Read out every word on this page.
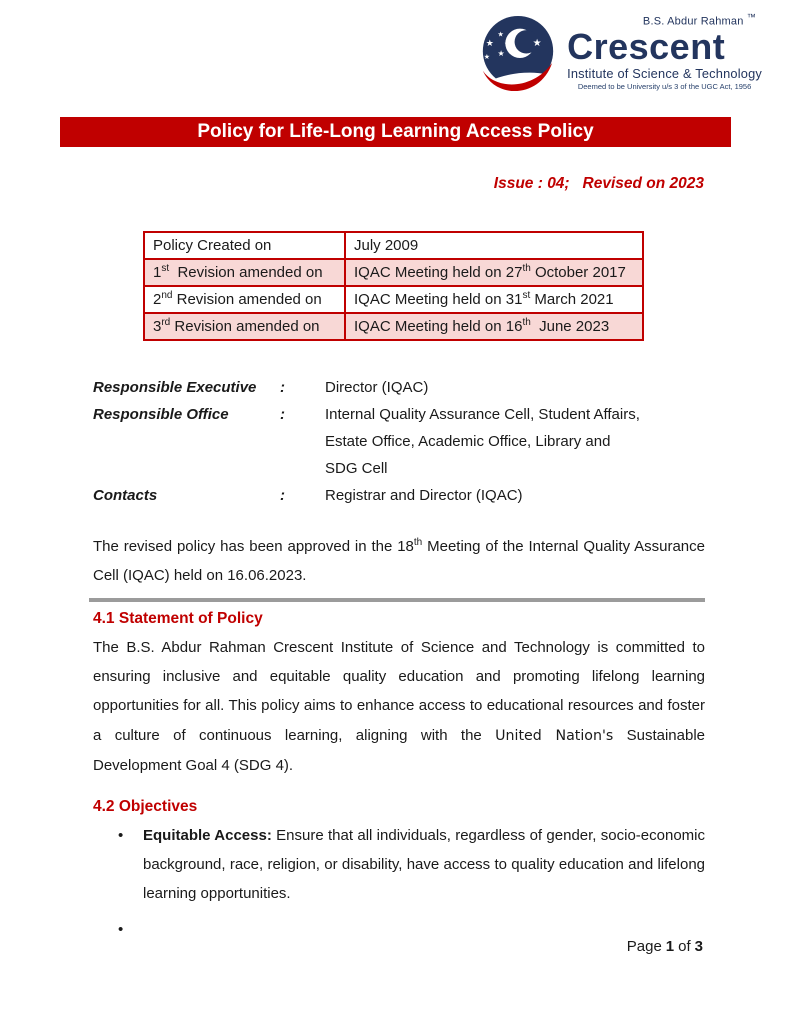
★
★
★ ★
★ ★
B.S. Abdur Rahman ™
Crescent
Institute of Science & Technology
Deemed to be University u/s 3 of the UGC Act, 1956
Policy for Life-Long Learning Access Policy
Issue : 04;   Revised on 2023
Policy Created on	July 2009
1st  Revision amended on	IQAC Meeting held on 27th October 2017
2nd Revision amended on	IQAC Meeting held on 31st March 2021
3rd Revision amended on	IQAC Meeting held on 16th  June 2023
Responsible Executive	:	Director (IQAC)
Responsible Office	:	Internal Quality Assurance Cell, Student Affairs,
Estate Office, Academic Office, Library and
SDG Cell
Contacts	:	Registrar and Director (IQAC)

The revised policy has been approved in the 18th Meeting of the Internal Quality Assurance Cell (IQAC) held on 16.06.2023.

4.1 Statement of Policy

The B.S. Abdur Rahman Crescent Institute of Science and Technology is committed to ensuring inclusive and equitable quality education and promoting lifelong learning opportunities for all. This policy aims to enhance access to educational resources and foster a culture of continuous learning, aligning with the United Nation's Sustainable Development Goal 4 (SDG 4).

4.2 Objectives
• Equitable Access: Ensure that all individuals, regardless of gender, socio-economic background, race, religion, or disability, have access to quality education and lifelong learning opportunities.
•
Page 1 of 3
